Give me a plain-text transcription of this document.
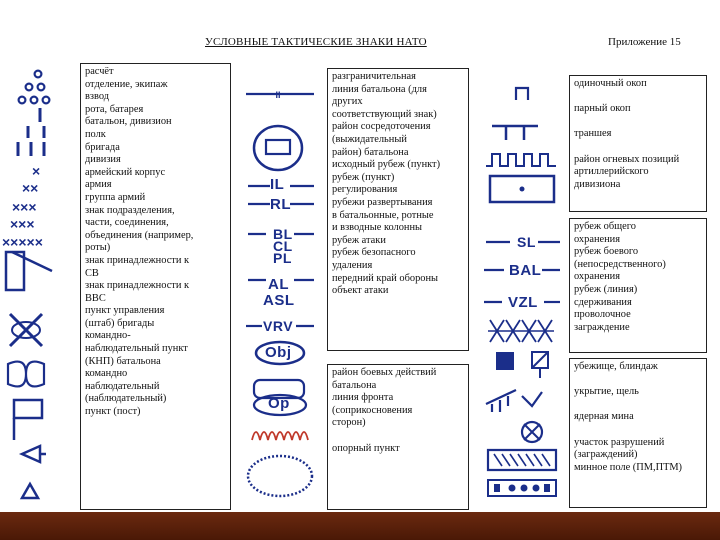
УСЛОВНЫЕ ТАКТИЧЕСКИЕ ЗНАКИ НАТО	Приложение 15
×
××
×××
×××
×××××
расчёт
отделение, экипаж
взвод
рота, батарея
батальон, дивизион
полк
бригада
дивизия
армейский корпус
армия
группа армий
знак подразделения,
части, соединения,
объединения (например,
роты)
знак принадлежности к
СВ
знак принадлежности к
ВВС
пункт управления
(штаб) бригады
командно-
наблюдательный пункт
(КНП) батальона
командно
наблюдательный
(наблюдательный)
пункт (пост)
II
IL
RL
BL
CL
PL
AL
ASL
VRV
Obj
Op
разграничительная
линия батальона (для
других
соответствующий знак)
район сосредоточения
(выжидательный
район) батальона
исходный рубеж (пункт)
рубеж (пункт)
регулирования
рубежи развертывания
в батальонные, ротные
и взводные колонны
рубеж атаки
рубеж безопасного
удаления
передний край обороны
объект атаки
район боевых действий
батальона
линия фронта
(соприкосновения
сторон)

опорный пункт
SL
BAL
VZL
одиночный окоп

парный окоп

траншея

район огневых позиций
артиллерийского
дивизиона
рубеж общего
охранения
рубеж боевого
(непосредственного)
охранения
рубеж (линия)
сдерживания
проволочное
заграждение
убежище, блиндаж

укрытие, щель

ядерная мина

участок разрушений
(заграждений)
минное поле (ПМ,ПТМ)
